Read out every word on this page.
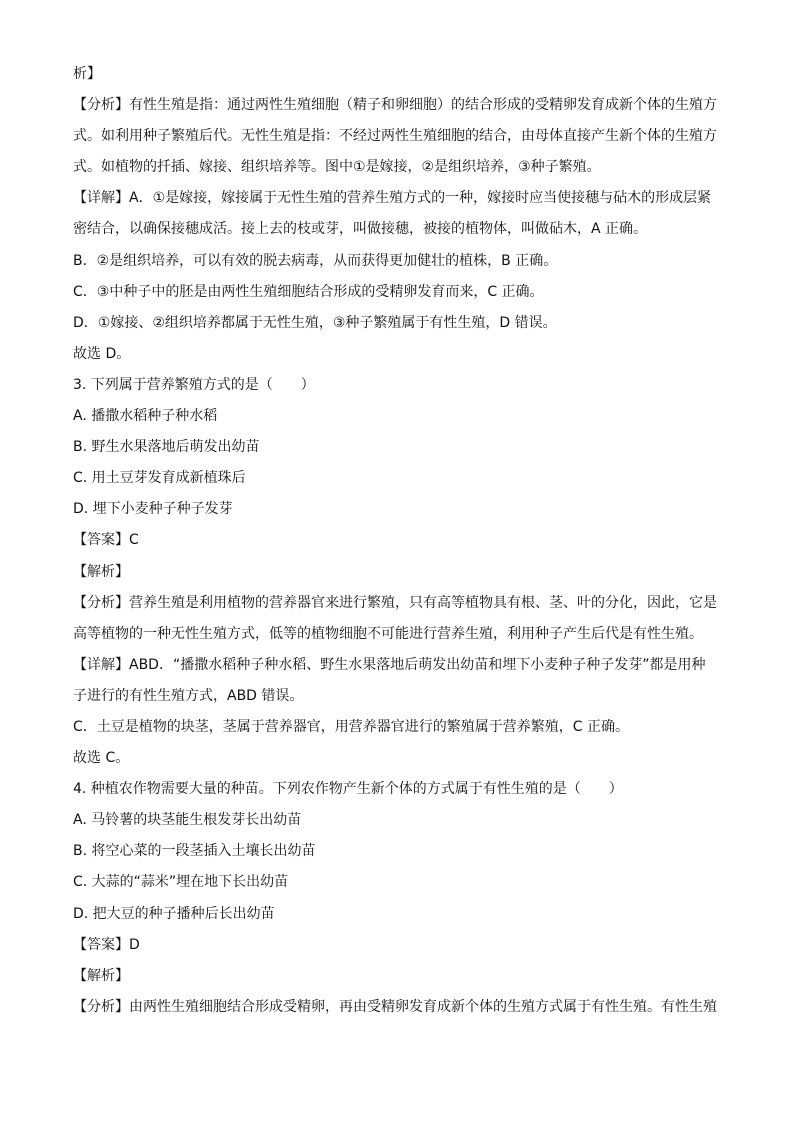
析】
【分析】有性生殖是指：通过两性生殖细胞（精子和卵细胞）的结合形成的受精卵发育成新个体的生殖方
式。如利用种子繁殖后代。无性生殖是指：不经过两性生殖细胞的结合，由母体直接产生新个体的生殖方
式。如植物的扦插、嫁接、组织培养等。图中①是嫁接，②是组织培养，③种子繁殖。
【详解】A．①是嫁接，嫁接属于无性生殖的营养生殖方式的一种，嫁接时应当使接穗与砧木的形成层紧
密结合，以确保接穗成活。接上去的枝或芽，叫做接穗，被接的植物体，叫做砧木，A 正确。
B．②是组织培养，可以有效的脱去病毒，从而获得更加健壮的植株，B 正确。
C．③中种子中的胚是由两性生殖细胞结合形成的受精卵发育而来，C 正确。
D．①嫁接、②组织培养都属于无性生殖，③种子繁殖属于有性生殖，D 错误。
故选 D。
3. 下列属于营养繁殖方式的是（　　）
A. 播撒水稻种子种水稻
B. 野生水果落地后萌发出幼苗
C. 用土豆芽发育成新植珠后
D. 埋下小麦种子种子发芽
【答案】C
【解析】
【分析】营养生殖是利用植物的营养器官来进行繁殖，只有高等植物具有根、茎、叶的分化，因此，它是
高等植物的一种无性生殖方式，低等的植物细胞不可能进行营养生殖，利用种子产生后代是有性生殖。
【详解】ABD．“播撒水稻种子种水稻、野生水果落地后萌发出幼苗和埋下小麦种子种子发芽”都是用种
子进行的有性生殖方式，ABD 错误。
C．土豆是植物的块茎，茎属于营养器官，用营养器官进行的繁殖属于营养繁殖，C 正确。
故选 C。
4. 种植农作物需要大量的种苗。下列农作物产生新个体的方式属于有性生殖的是（　　）
A. 马铃薯的块茎能生根发芽长出幼苗
B. 将空心菜的一段茎插入土壤长出幼苗
C. 大蒜的“蒜米”埋在地下长出幼苗
D. 把大豆的种子播种后长出幼苗
【答案】D
【解析】
【分析】由两性生殖细胞结合形成受精卵，再由受精卵发育成新个体的生殖方式属于有性生殖。有性生殖
